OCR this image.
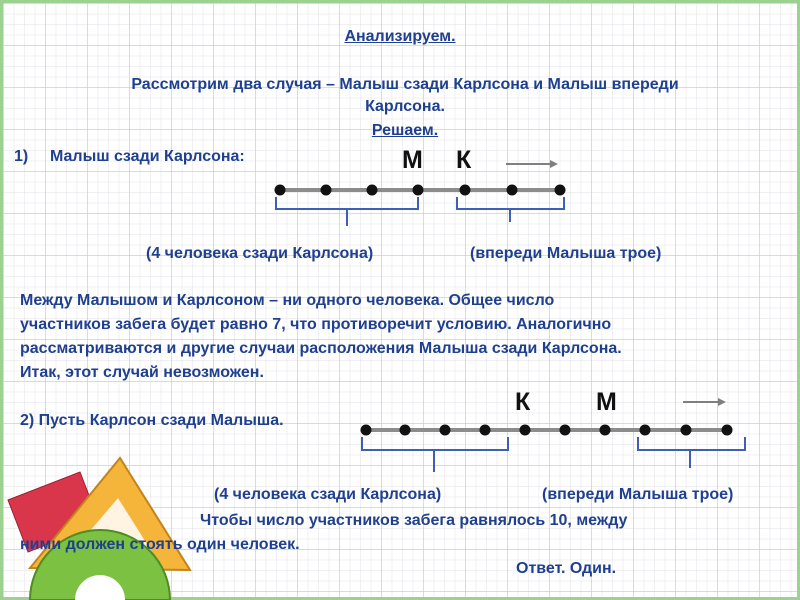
Анализируем.

Рассмотрим два случая – Малыш сзади Карлсона и Малыш впереди

Карлсона.

Решаем.

1) Малыш сзади Карлсона:	М К

(4 человека сзади Карлсона)	(впереди Малыша трое)

Между Малышом и Карлсоном – ни одного человека. Общее число

участников забега будет равно 7, что противоречит условию. Аналогично

рассматриваются и другие случаи расположения Малыша сзади Карлсона.

Итак, этот случай невозможен.

2) Пусть Карлсон сзади Малыша.

К	М

(4 человека сзади Карлсона)	(впереди Малыша трое)

Чтобы число участников забега равнялось 10, между

ними должен стоять один человек.

Ответ. Один.
